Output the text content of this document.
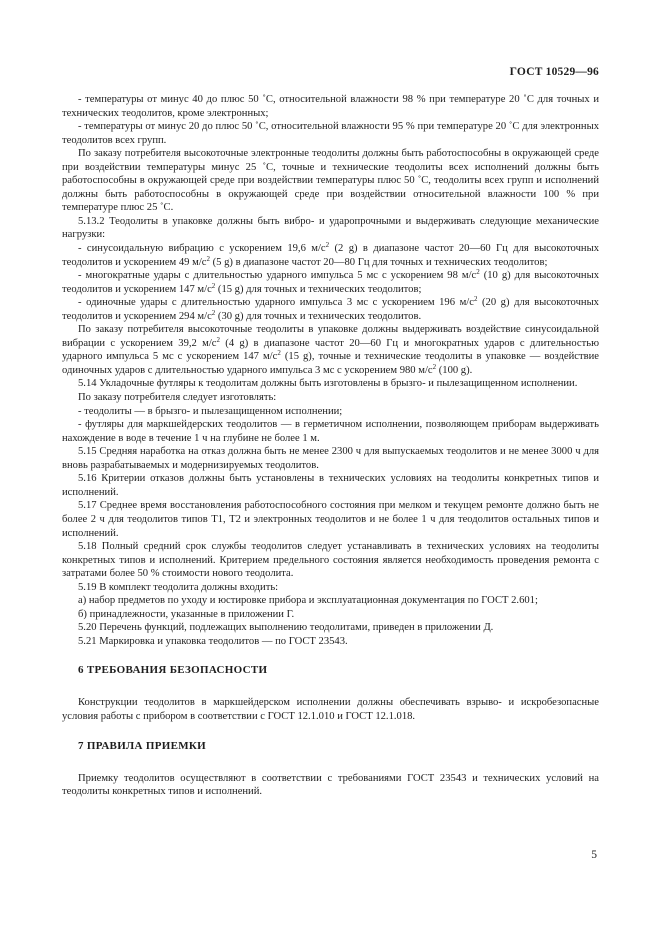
ГОСТ 10529—96

- температуры от минус 40 до плюс 50 ˚С, относительной влажности 98 % при температуре 20 ˚С для точных и технических теодолитов, кроме электронных;

- температуры от минус 20 до плюс 50 ˚С, относительной влажности 95 % при температуре 20 ˚С для электронных теодолитов всех групп.

По заказу потребителя высокоточные электронные теодолиты должны быть работоспособны в окружающей среде при воздействии температуры минус 25 ˚С, точные и технические теодолиты всех исполнений должны быть работоспособны в окружающей среде при воздействии температуры плюс 50 ˚С, теодолиты всех групп и исполнений должны быть работоспособны в окружающей среде при воздействии относительной влажности 100 % при температуре плюс 25 ˚С.

5.13.2 Теодолиты в упаковке должны быть вибро- и ударопрочными и выдерживать следующие механические нагрузки:

- синусоидальную вибрацию с ускорением 19,6 $м/с^2$ (2 g) в диапазоне частот 20—60 Гц для высокоточных теодолитов и ускорением 49 $м/с^2$ (5 g) в диапазоне частот 20—80 Гц для точных и технических теодолитов;

- многократные удары с длительностью ударного импульса 5 мс с ускорением 98 $м/с^2$ (10 g) для высокоточных теодолитов и ускорением 147 $м/с^2$ (15 g) для точных и технических теодолитов;

- одиночные удары с длительностью ударного импульса 3 мс с ускорением 196 $м/с^2$ (20 g) для высокоточных теодолитов и ускорением 294 $м/с^2$ (30 g) для точных и технических теодолитов.

По заказу потребителя высокоточные теодолиты в упаковке должны выдерживать воздействие синусоидальной вибрации с ускорением 39,2 $м/с^2$ (4 g) в диапазоне частот 20—60 Гц и многократных ударов с длительностью ударного импульса 5 мс с ускорением 147 $м/с^2$ (15 g), точные и технические теодолиты в упаковке — воздействие одиночных ударов с длительностью ударного импульса 3 мс с ускорением 980 $м/с^2$ (100 g).

5.14 Укладочные футляры к теодолитам должны быть изготовлены в брызго- и пылезащищенном исполнении.

По заказу потребителя следует изготовлять:

- теодолиты — в брызго- и пылезащищенном исполнении;

- футляры для маркшейдерских теодолитов — в герметичном исполнении, позволяющем приборам выдерживать нахождение в воде в течение 1 ч на глубине не более 1 м.

5.15 Средняя наработка на отказ должна быть не менее 2300 ч для выпускаемых теодолитов и не менее 3000 ч для вновь разрабатываемых и модернизируемых теодолитов.

5.16 Критерии отказов должны быть установлены в технических условиях на теодолиты конкретных типов и исполнений.

5.17 Среднее время восстановления работоспособного состояния при мелком и текущем ремонте должно быть не более 2 ч для теодолитов типов Т1, Т2 и электронных теодолитов и не более 1 ч для теодолитов остальных типов и исполнений.

5.18 Полный средний срок службы теодолитов следует устанавливать в технических условиях на теодолиты конкретных типов и исполнений. Критерием предельного состояния является необходимость проведения ремонта с затратами более 50 % стоимости нового теодолита.

5.19 В комплект теодолита должны входить:

а) набор предметов по уходу и юстировке прибора и эксплуатационная документация по ГОСТ 2.601;

б) принадлежности, указанные в приложении Г.

5.20 Перечень функций, подлежащих выполнению теодолитами, приведен в приложении Д.

5.21 Маркировка и упаковка теодолитов — по ГОСТ 23543.

6 ТРЕБОВАНИЯ БЕЗОПАСНОСТИ

Конструкции теодолитов в маркшейдерском исполнении должны обеспечивать взрыво- и искробезопасные условия работы с прибором в соответствии с ГОСТ 12.1.010 и ГОСТ 12.1.018.

7 ПРАВИЛА ПРИЕМКИ

Приемку теодолитов осуществляют в соответствии с требованиями ГОСТ 23543 и технических условий на теодолиты конкретных типов и исполнений.

5
